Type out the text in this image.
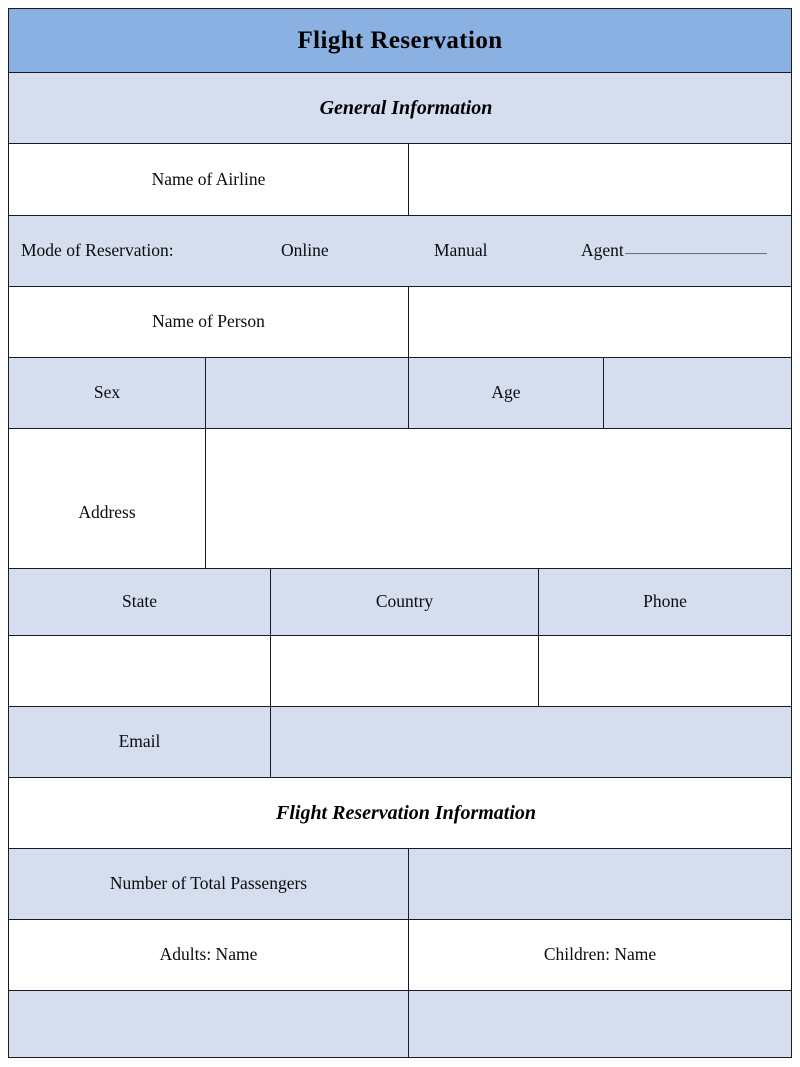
Flight Reservation					
General Information					
Name of Airline					

Mode of Reservation: Online Manual Agent					

Name of Person					
Sex			Age		

Address					

State		Country		Phone	

Email					
Flight Reservation Information					
Number of Total Passengers					
Adults: Name			Children: Name		
